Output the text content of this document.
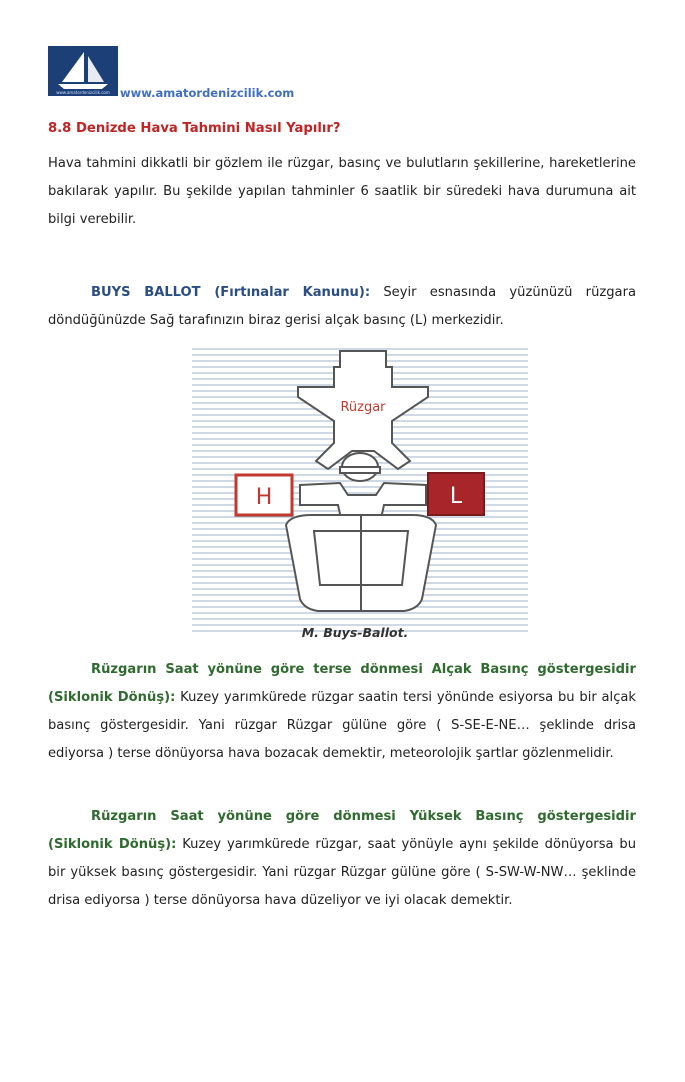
www.amatordenizcilik.com www.amatordenizcilik.com
8.8 Denizde Hava Tahmini Nasıl Yapılır?

Hava tahmini dikkatli bir gözlem ile rüzgar, basınç ve bulutların şekillerine, hareketlerine bakılarak yapılır. Bu şekilde yapılan tahminler 6 saatlik bir süredeki hava durumuna ait bilgi verebilir.

BUYS BALLOT (Fırtınalar Kanunu): Seyir esnasında yüzünüzü rüzgara döndüğünüzde Sağ tarafınızın biraz gerisi alçak basınç (L) merkezidir.

Rüzgar
H	L
M. Buys-Ballot.

Rüzgarın Saat yönüne göre terse dönmesi Alçak Basınç göstergesidir (Siklonik Dönüş): Kuzey yarımkürede rüzgar saatin tersi yönünde esiyorsa bu bir alçak basınç göstergesidir. Yani rüzgar Rüzgar gülüne göre ( S-SE-E-NE… şeklinde drisa ediyorsa ) terse dönüyorsa hava bozacak demektir, meteorolojik şartlar gözlenmelidir.

Rüzgarın Saat yönüne göre dönmesi Yüksek Basınç göstergesidir (Siklonik Dönüş): Kuzey yarımkürede rüzgar, saat yönüyle aynı şekilde dönüyorsa bu bir yüksek basınç göstergesidir. Yani rüzgar Rüzgar gülüne göre ( S-SW-W-NW… şeklinde drisa ediyorsa ) terse dönüyorsa hava düzeliyor ve iyi olacak demektir.
